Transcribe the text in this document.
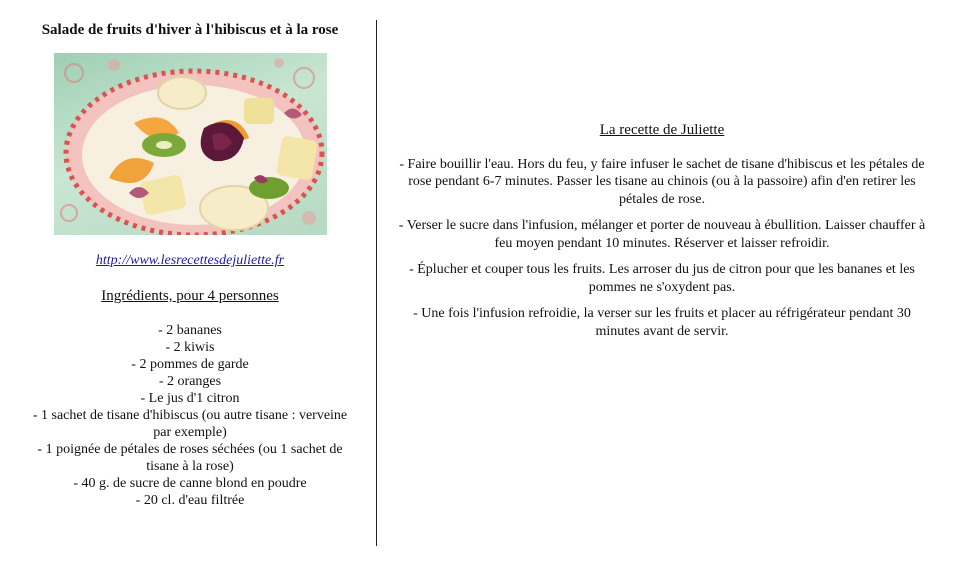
Salade de fruits d'hiver à l'hibiscus et à la rose

http://www.lesrecettesdejuliette.fr
Ingrédients, pour 4 personnes
- 2 bananes
- 2 kiwis
- 2 pommes de garde
- 2 oranges
- Le jus d'1 citron
- 1 sachet de tisane d'hibiscus (ou autre tisane : verveine par exemple)
- 1 poignée de pétales de roses séchées (ou 1 sachet de tisane à la rose)
- 40 g. de sucre de canne blond en poudre
- 20 cl. d'eau filtrée

La recette de Juliette

- Faire bouillir l'eau. Hors du feu, y faire infuser le sachet de tisane d'hibiscus et les pétales de rose pendant 6-7 minutes. Passer les tisane au chinois (ou à la passoire) afin d'en retirer les pétales de rose.

- Verser le sucre dans l'infusion, mélanger et porter de nouveau à ébullition. Laisser chauffer à feu moyen pendant 10 minutes. Réserver et laisser refroidir.

- Éplucher et couper tous les fruits. Les arroser du jus de citron pour que les bananes et les pommes ne s'oxydent pas.

- Une fois l'infusion refroidie, la verser sur les fruits et placer au réfrigérateur pendant 30 minutes avant de servir.
